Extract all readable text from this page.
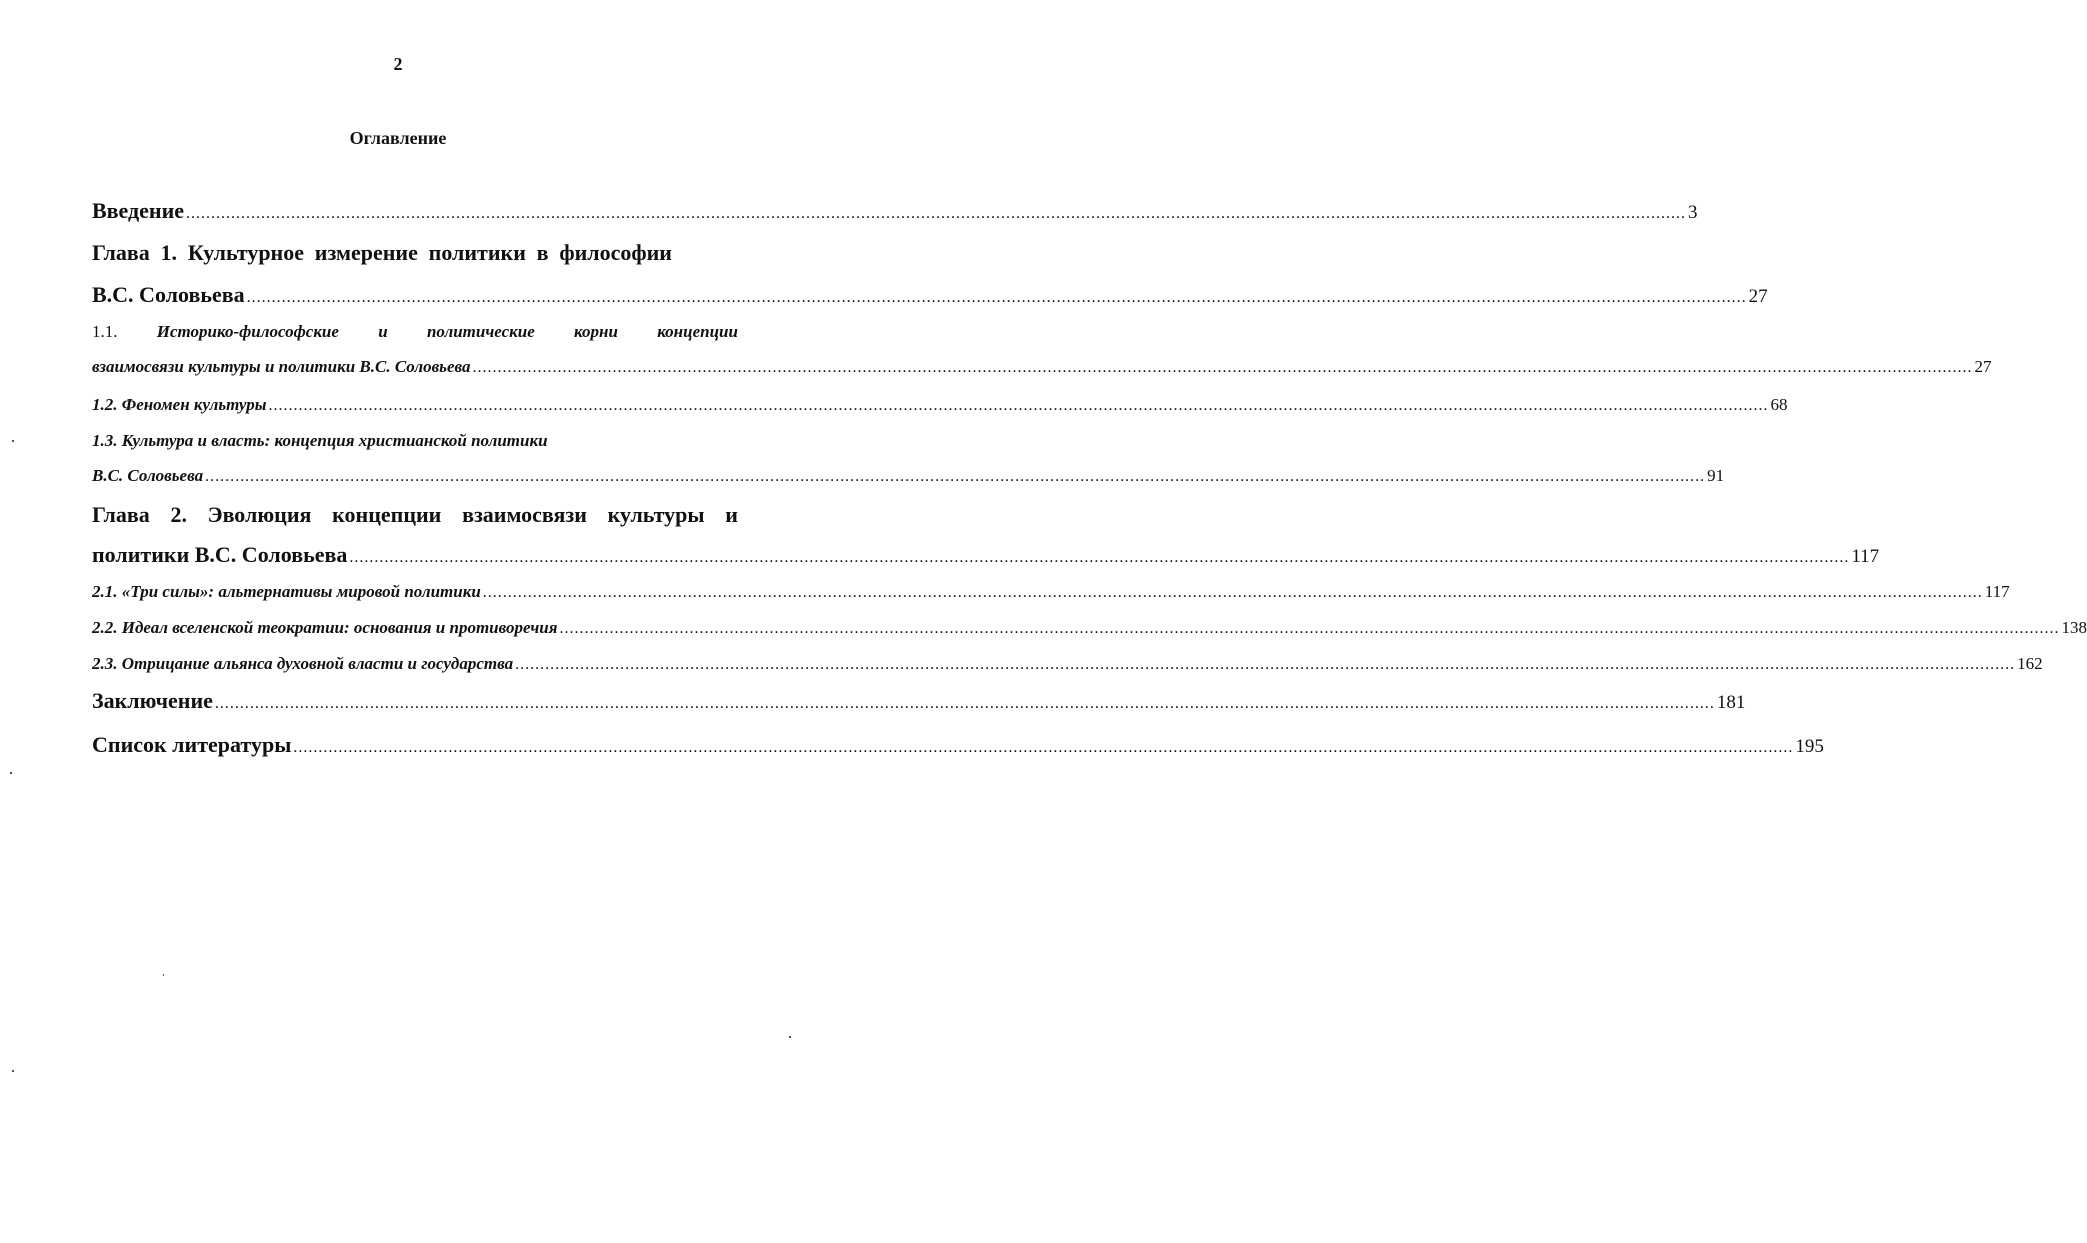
2
Оглавление
Введение ............................................................................................................................................................................................................................................................................................................ 3
Глава 1. Культурное измерение политики в философии
В.С. Соловьева ............................................................................................................................................................................................................................................................................................................ 27
1.1. Историко-философские и политические корни концепции
взаимосвязи культуры и политики В.С. Соловьева ............................................................................................................................................................................................................................................................................................................ 27
1.2. Феномен культуры ............................................................................................................................................................................................................................................................................................................ 68
1.3. Культура и власть: концепция христианской политики
В.С. Соловьева ............................................................................................................................................................................................................................................................................................................ 91
Глава 2. Эволюция концепции взаимосвязи культуры и
политики В.С. Соловьева ............................................................................................................................................................................................................................................................................................................ 117
2.1. «Три силы»: альтернативы мировой политики ............................................................................................................................................................................................................................................................................................................ 117
2.2. Идеал вселенской теократии: основания и противоречия ............................................................................................................................................................................................................................................................................................................ 138
2.3. Отрицание альянса духовной власти и государства ............................................................................................................................................................................................................................................................................................................ 162
Заключение ............................................................................................................................................................................................................................................................................................................ 181
Список литературы ............................................................................................................................................................................................................................................................................................................ 195
